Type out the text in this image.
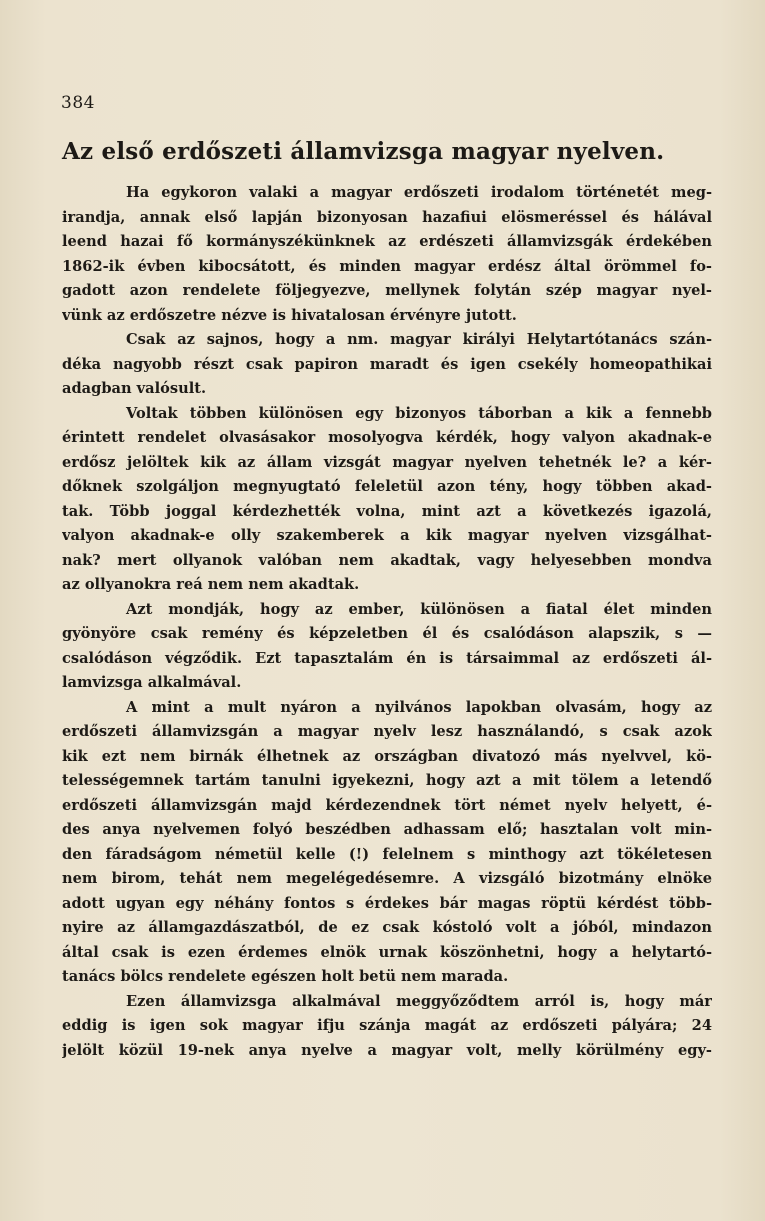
384
Az első erdőszeti államvizsga magyar nyelven.
Ha egykoron valaki a magyar erdőszeti irodalom történetét meg-
irandja, annak első lapján bizonyosan hazafiui elösmeréssel és hálával
leend hazai fő kormányszékünknek az erdészeti államvizsgák érdekében
1862-ik évben kibocsátott, és minden magyar erdész által örömmel fo-
gadott azon rendelete följegyezve, mellynek folytán szép magyar nyel-
vünk az erdőszetre nézve is hivatalosan érvényre jutott.
Csak az sajnos, hogy a nm. magyar királyi Helytartótanács szán-
déka nagyobb részt csak papiron maradt és igen csekély homeopathikai
adagban valósult.
Voltak többen különösen egy bizonyos táborban a kik a fennebb
érintett rendelet olvasásakor mosolyogva kérdék, hogy valyon akadnak-e
erdősz jelöltek kik az állam vizsgát magyar nyelven tehetnék le? a kér-
dőknek szolgáljon megnyugtató feleletül azon tény, hogy többen akad-
tak. Több joggal kérdezhették volna, mint azt a következés igazolá,
valyon akadnak-e olly szakemberek a kik magyar nyelven vizsgálhat-
nak? mert ollyanok valóban nem akadtak, vagy helyesebben mondva
az ollyanokra reá nem nem akadtak.
Azt mondják, hogy az ember, különösen a fiatal élet minden
gyönyöre csak remény és képzeletben él és csalódáson alapszik, s —
csalódáson végződik. Ezt tapasztalám én is társaimmal az erdőszeti ál-
lamvizsga alkalmával.
A mint a mult nyáron a nyilvános lapokban olvasám, hogy az
erdőszeti államvizsgán a magyar nyelv lesz használandó, s csak azok
kik ezt nem birnák élhetnek az országban divatozó más nyelvvel, kö-
telességemnek tartám tanulni igyekezni, hogy azt a mit tölem a letendő
erdőszeti államvizsgán majd kérdezendnek tört német nyelv helyett, é-
des anya nyelvemen folyó beszédben adhassam elő; hasztalan volt min-
den fáradságom németül kelle (!) felelnem s minthogy azt tökéletesen
nem birom, tehát nem megelégedésemre. A vizsgáló bizotmány elnöke
adott ugyan egy néhány fontos s érdekes bár magas röptü kérdést több-
nyire az államgazdászatból, de ez csak kóstoló volt a jóból, mindazon
által csak is ezen érdemes elnök urnak köszönhetni, hogy a helytartó-
tanács bölcs rendelete egészen holt betü nem marada.
Ezen államvizsga alkalmával meggyőződtem arról is, hogy már
eddig is igen sok magyar ifju szánja magát az erdőszeti pályára; 24
jelölt közül 19-nek anya nyelve a magyar volt, melly körülmény egy-
